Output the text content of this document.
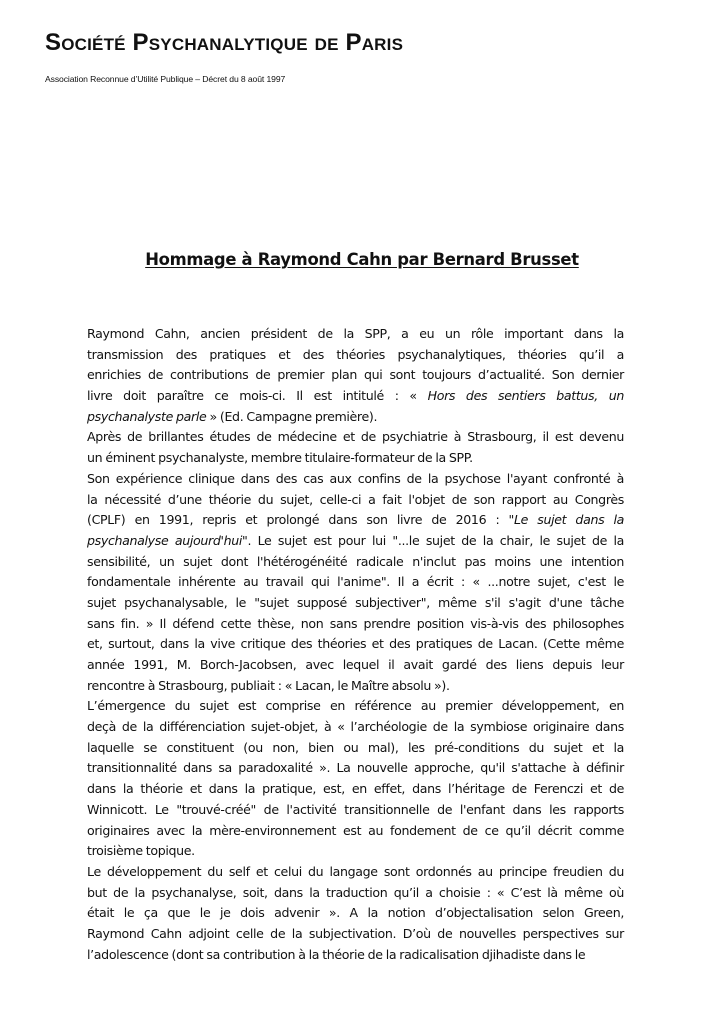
Société Psychanalytique de Paris
Association Reconnue d’Utilité Publique – Décret du 8 août 1997
Hommage à Raymond Cahn par Bernard Brusset
Raymond Cahn, ancien président de la SPP, a eu un rôle important dans la
transmission des pratiques et des théories psychanalytiques, théories qu’il a
enrichies de contributions de premier plan qui sont toujours d’actualité. Son dernier
livre doit paraître ce mois-ci. Il est intitulé : « Hors des sentiers battus, un
psychanalyste parle » (Ed. Campagne première).
Après de brillantes études de médecine et de psychiatrie à Strasbourg, il est devenu
un éminent psychanalyste, membre titulaire-formateur de la SPP.
Son expérience clinique dans des cas aux confins de la psychose l'ayant confronté à
la nécessité d’une théorie du sujet, celle-ci a fait l'objet de son rapport au Congrès
(CPLF) en 1991, repris et prolongé dans son livre de 2016 : "Le sujet dans la
psychanalyse aujourd'hui". Le sujet est pour lui "...le sujet de la chair, le sujet de la
sensibilité, un sujet dont l'hétérogénéité radicale n'inclut pas moins une intention
fondamentale inhérente au travail qui l'anime". Il a écrit : « ...notre sujet, c'est le
sujet psychanalysable, le "sujet supposé subjectiver", même s'il s'agit d'une tâche
sans fin. » Il défend cette thèse, non sans prendre position vis-à-vis des philosophes
et, surtout, dans la vive critique des théories et des pratiques de Lacan. (Cette même
année 1991, M. Borch-Jacobsen, avec lequel il avait gardé des liens depuis leur
rencontre à Strasbourg, publiait : « Lacan, le Maître absolu »).
L’émergence du sujet est comprise en référence au premier développement, en
deçà de la différenciation sujet-objet, à « l’archéologie de la symbiose originaire dans
laquelle se constituent (ou non, bien ou mal), les pré-conditions du sujet et la
transitionnalité dans sa paradoxalité ». La nouvelle approche, qu'il s'attache à définir
dans la théorie et dans la pratique, est, en effet, dans l’héritage de Ferenczi et de
Winnicott. Le "trouvé-créé" de l'activité transitionnelle de l'enfant dans les rapports
originaires avec la mère-environnement est au fondement de ce qu’il décrit comme
troisième topique.
Le développement du self et celui du langage sont ordonnés au principe freudien du
but de la psychanalyse, soit, dans la traduction qu’il a choisie : « C’est là même où
était le ça que le je dois advenir ». A la notion d’objectalisation selon Green,
Raymond Cahn adjoint celle de la subjectivation. D’où de nouvelles perspectives sur
l’adolescence (dont sa contribution à la théorie de la radicalisation djihadiste dans le
